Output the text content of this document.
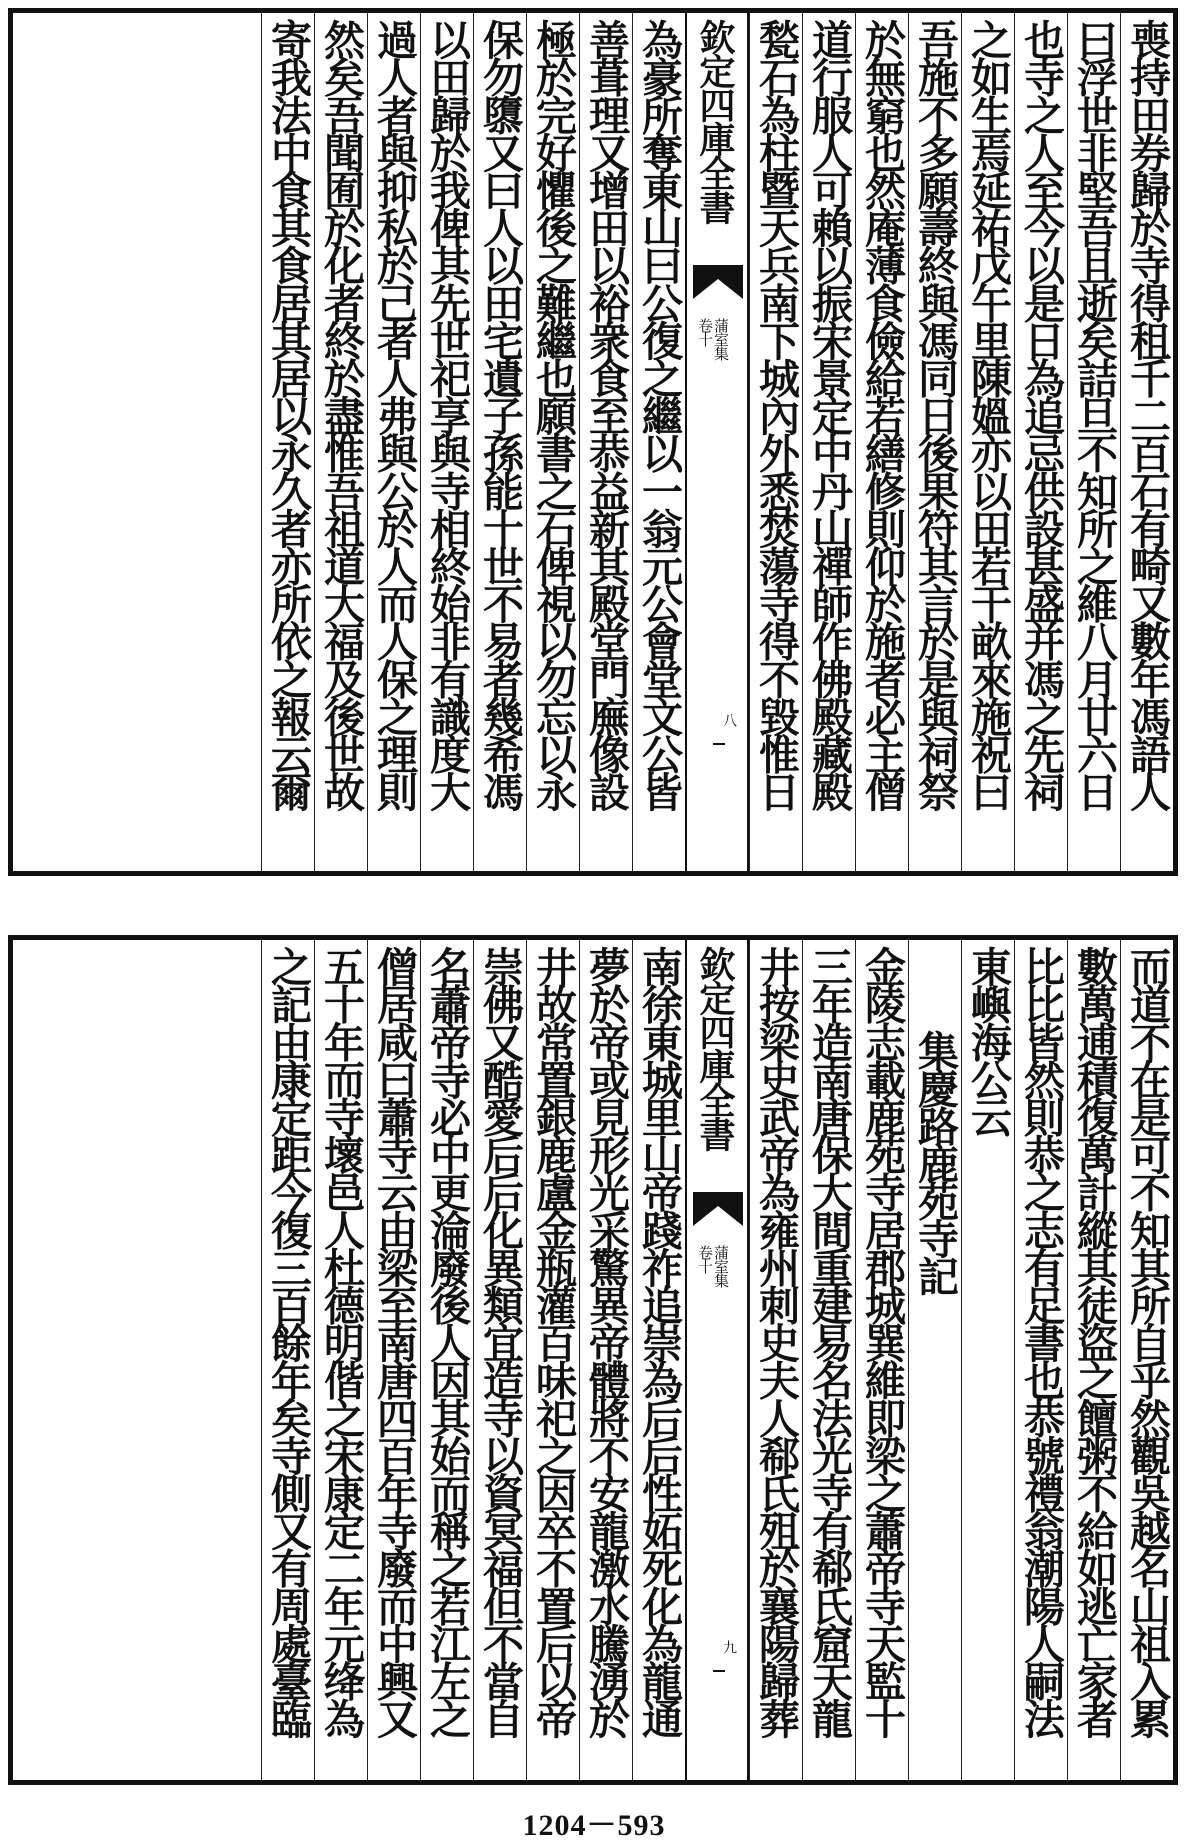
喪持田券歸於寺得租千二百石有畸又數年馮語人
曰浮世非堅吾且逝矣詰旦不知所之維八月廿六日
也寺之人至今以是日為追忌供設甚盛并馮之先祠
之如生焉延祐戊午里陳媼亦以田若干畝來施祝曰
吾施不多願壽終與馮同日後果符其言於是與祠祭
於無窮也然庵薄食儉給若繕修則仰於施者必主僧
道行服人可賴以振宋景定中丹山禪師作佛殿藏殿
甃石為柱暨天兵南下城內外悉焚蕩寺得不毀惟日
欽定四庫全書
蒲室集
卷十
八
為豪所奪東山曰公復之繼以一翁元公會堂文公皆
善葺理又增田以裕衆食至恭益新其殿堂門廡像設
極於完好懼後之難繼也願書之石俾視以勿忘以永
保勿隳又曰人以田宅遺子孫能十世不易者幾希馮
以田歸於我俾其先世祀享與寺相終始非有識度大
過人者與抑私於己者人弗與公於人而人保之理則
然矣吾聞囿於化者終於盡惟吾祖道大福及後世故
寄我法中食其食居其居以永久者亦所依之報云爾
而道不在是可不知其所自乎然觀吳越名山祖入累
數萬逋積復萬計縱其徒盜之饘粥不給如逃亡家者
比比皆然則恭之志有足書也恭號禮翁潮陽人嗣法
東嶼海公云
集慶路鹿苑寺記
金陵志載鹿苑寺居郡城巽維即梁之蕭帝寺天監十
三年造南唐保大間重建易名法光寺有郗氏窟天龍
井按梁史武帝為雍州刺史夫人郗氏殂於襄陽歸葬
欽定四庫全書
蒲室集
卷十
九
南徐東城里山帝踐祚追崇為后后性妬死化為龍通
夢於帝或見形光采驚異帝體將不安龍激水騰湧於
井故常置銀鹿盧金瓶灌百味祀之因卒不置后以帝
崇佛又酷愛后后化異類宜造寺以資冥福但不當自
名蕭帝寺必中更淪廢後人因其始而稱之若江左之
僧居咸曰蕭寺云由梁至南唐四百年寺廢而中興又
五十年而寺壞邑人杜德明偕之宋康定二年元绛為
之記由康定距今復三百餘年矣寺側又有周處臺臨
1204－593
